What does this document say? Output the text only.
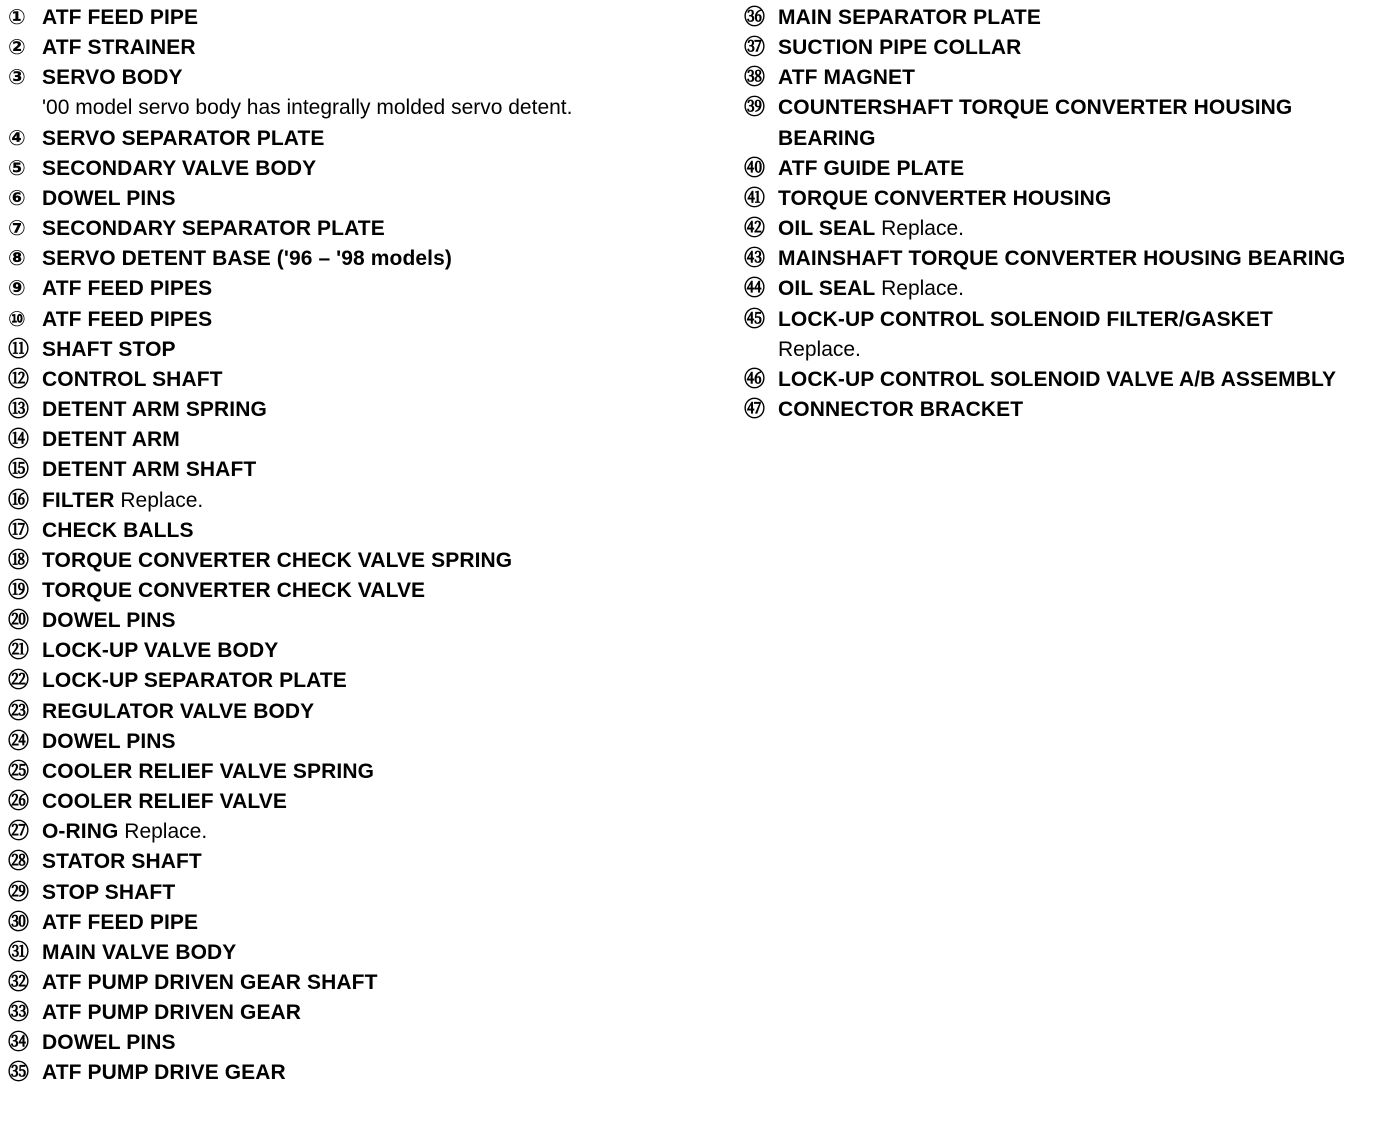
① ATF FEED PIPE
② ATF STRAINER
③ SERVO BODY
'00 model servo body has integrally molded servo detent.
④ SERVO SEPARATOR PLATE
⑤ SECONDARY VALVE BODY
⑥ DOWEL PINS
⑦ SECONDARY SEPARATOR PLATE
⑧ SERVO DETENT BASE ('96 – '98 models)
⑨ ATF FEED PIPES
⑩ ATF FEED PIPES
⑪ SHAFT STOP
⑫ CONTROL SHAFT
⑬ DETENT ARM SPRING
⑭ DETENT ARM
⑮ DETENT ARM SHAFT
⑯ FILTER Replace.
⑰ CHECK BALLS
⑱ TORQUE CONVERTER CHECK VALVE SPRING
⑲ TORQUE CONVERTER CHECK VALVE
⑳ DOWEL PINS
㉑ LOCK-UP VALVE BODY
㉒ LOCK-UP SEPARATOR PLATE
㉓ REGULATOR VALVE BODY
㉔ DOWEL PINS
㉕ COOLER RELIEF VALVE SPRING
㉖ COOLER RELIEF VALVE
㉗ O-RING Replace.
㉘ STATOR SHAFT
㉙ STOP SHAFT
㉚ ATF FEED PIPE
㉛ MAIN VALVE BODY
㉜ ATF PUMP DRIVEN GEAR SHAFT
㉝ ATF PUMP DRIVEN GEAR
㉞ DOWEL PINS
㉟ ATF PUMP DRIVE GEAR
㊱ MAIN SEPARATOR PLATE
㊲ SUCTION PIPE COLLAR
㊳ ATF MAGNET
㊴ COUNTERSHAFT TORQUE CONVERTER HOUSING BEARING
㊵ ATF GUIDE PLATE
㊶ TORQUE CONVERTER HOUSING
㊷ OIL SEAL Replace.
㊸ MAINSHAFT TORQUE CONVERTER HOUSING BEARING
㊹ OIL SEAL Replace.
㊺ LOCK-UP CONTROL SOLENOID FILTER/GASKET
Replace.
㊻ LOCK-UP CONTROL SOLENOID VALVE A/B ASSEMBLY
㊼ CONNECTOR BRACKET
